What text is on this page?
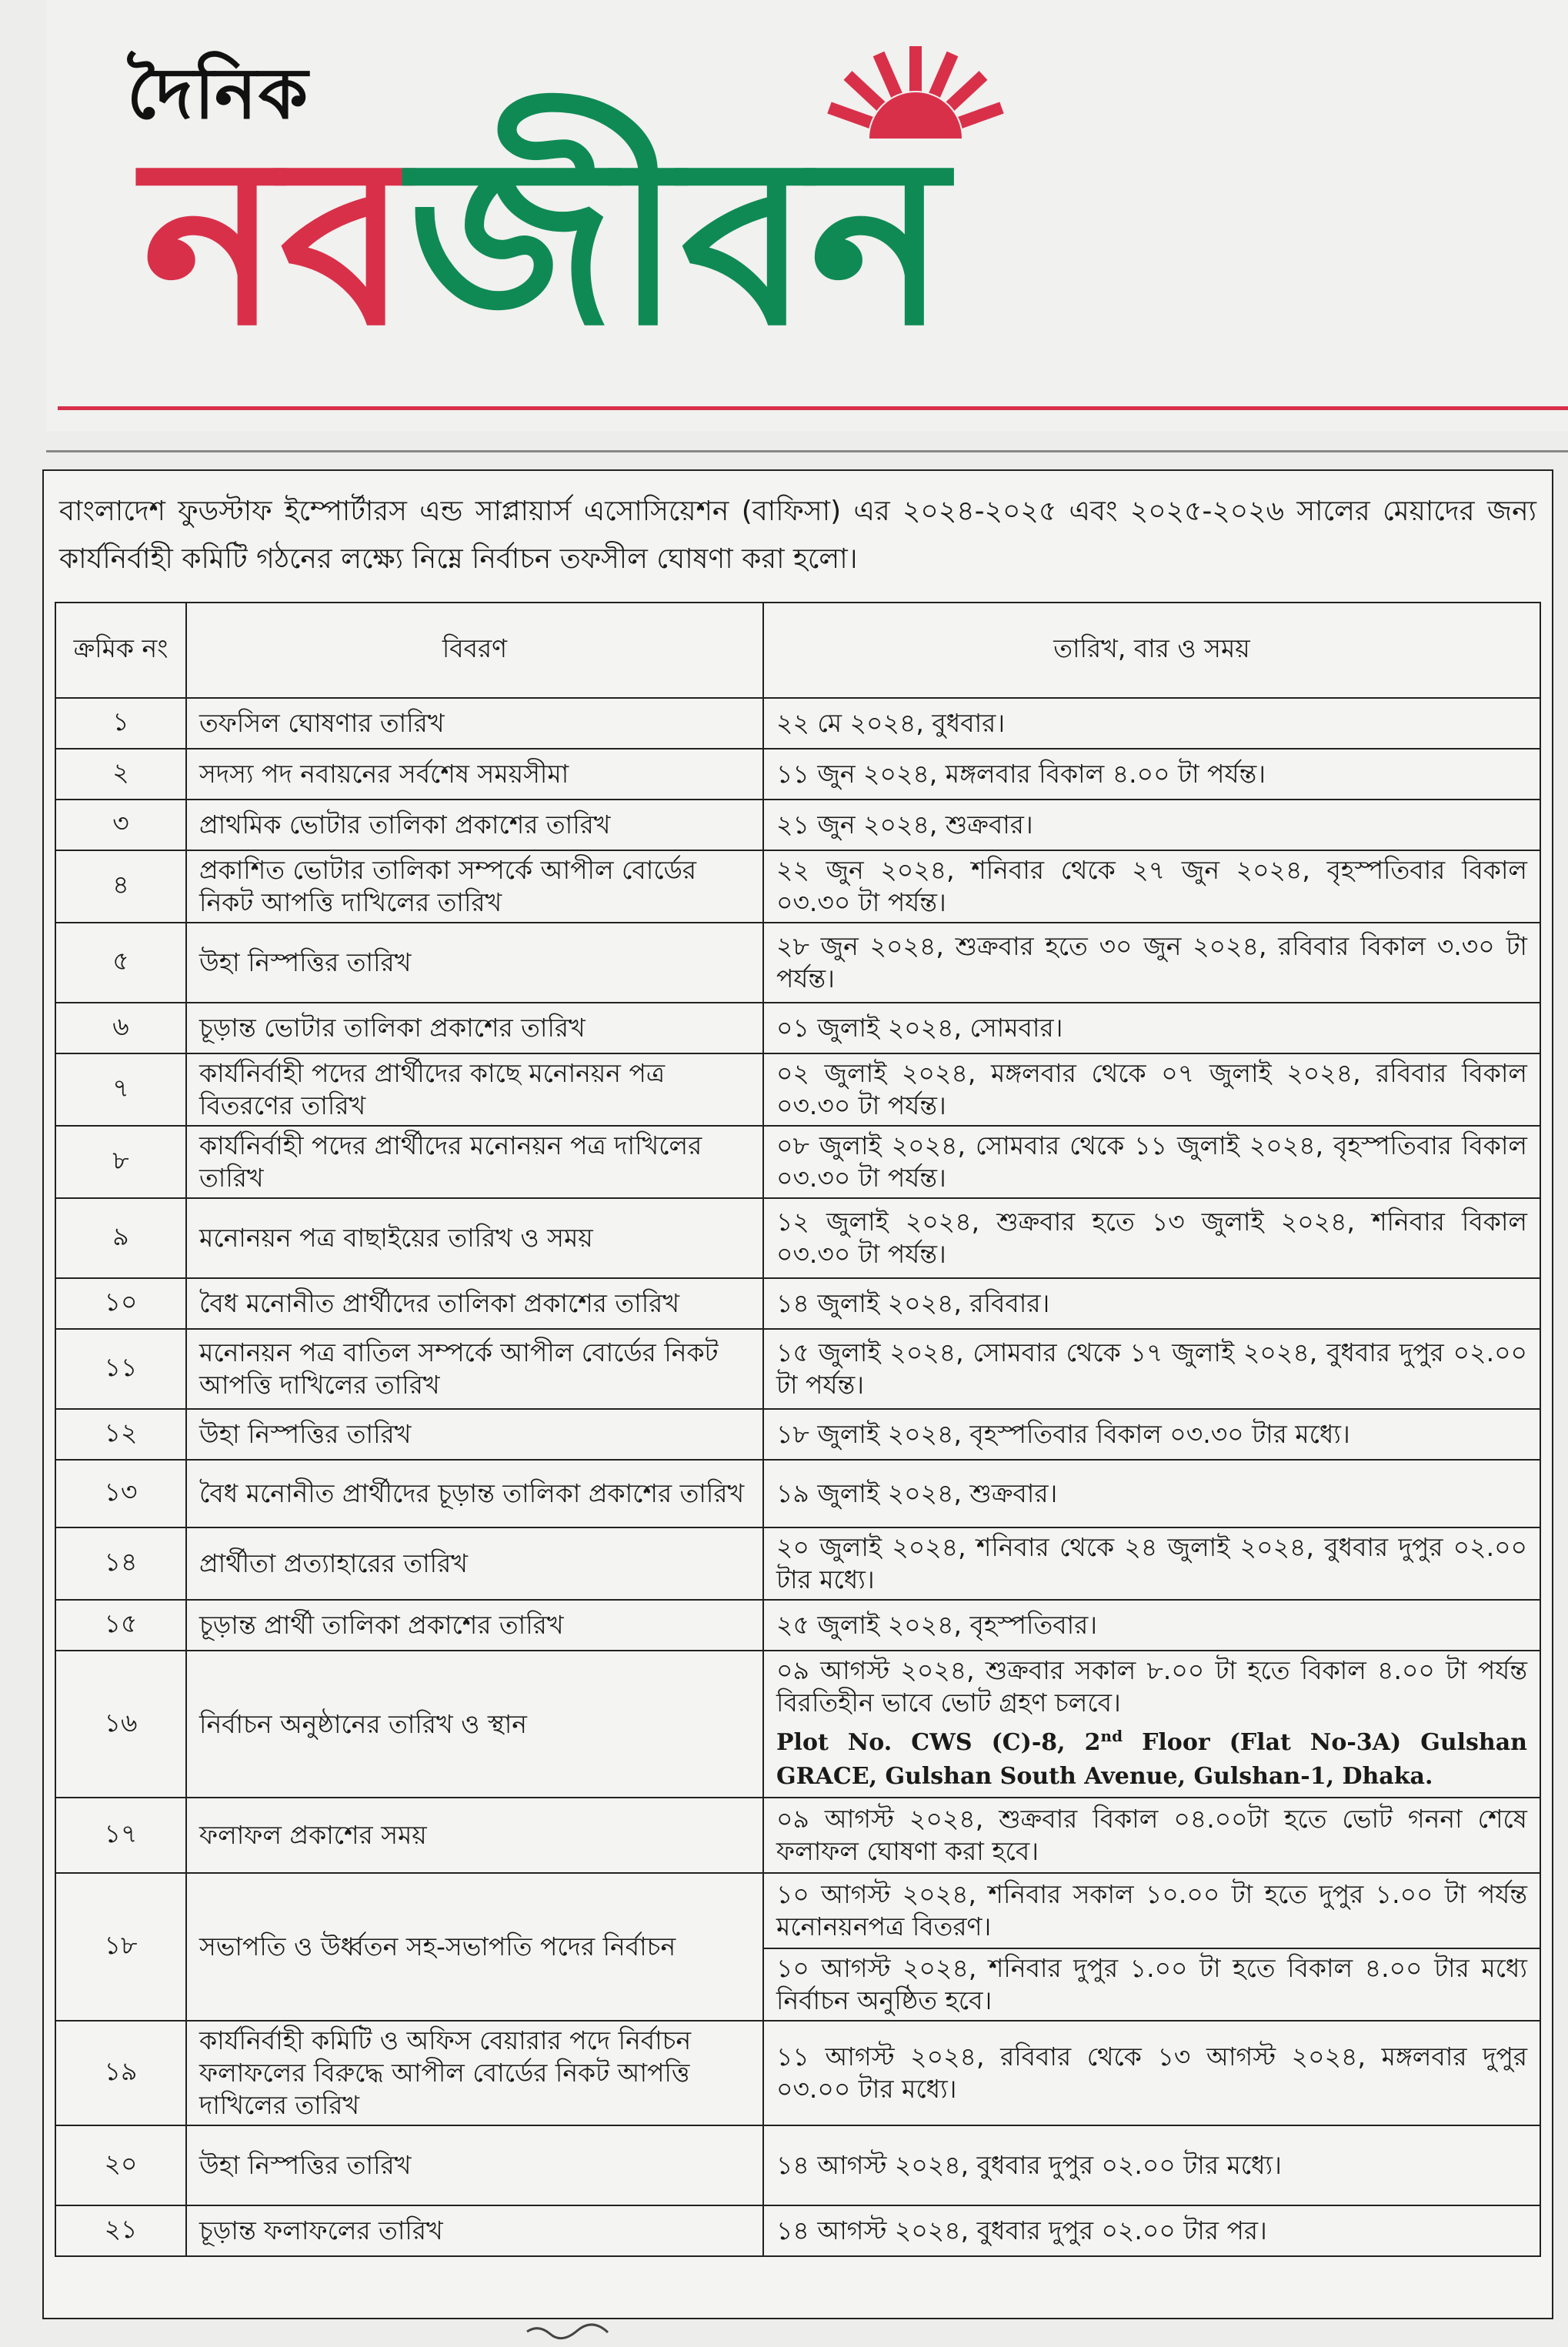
দৈনিক
নবজীবন
বাংলাদেশ ফুডস্টাফ ইম্পোর্টারস এন্ড সাপ্লায়ার্স এসোসিয়েশন (বাফিসা) এর ২০২৪-২০২৫ এবং ২০২৫-২০২৬ সালের মেয়াদের জন্য কার্যনির্বাহী কমিটি গঠনের লক্ষ্যে নিম্নে নির্বাচন তফসীল ঘোষণা করা হলো।
ক্রমিক নং	বিবরণ	তারিখ, বার ও সময়
১	তফসিল ঘোষণার তারিখ	২২ মে ২০২৪, বুধবার।

২	সদস্য পদ নবায়নের সর্বশেষ সময়সীমা	১১ জুন ২০২৪, মঙ্গলবার বিকাল ৪.০০ টা পর্যন্ত।

৩	প্রাথমিক ভোটার তালিকা প্রকাশের তারিখ	২১ জুন ২০২৪, শুক্রবার।

৪	প্রকাশিত ভোটার তালিকা সম্পর্কে আপীল বোর্ডের নিকট আপত্তি দাখিলের তারিখ	২২ জুন ২০২৪, শনিবার থেকে ২৭ জুন ২০২৪, বৃহস্পতিবার বিকাল ০৩.৩০ টা পর্যন্ত।

৫	উহা নিস্পত্তির তারিখ	২৮ জুন ২০২৪, শুক্রবার হতে ৩০ জুন ২০২৪, রবিবার বিকাল ৩.৩০ টা পর্যন্ত।

৬	চূড়ান্ত ভোটার তালিকা প্রকাশের তারিখ	০১ জুলাই ২০২৪, সোমবার।

৭	কার্যনির্বাহী পদের প্রার্থীদের কাছে মনোনয়ন পত্র বিতরণের তারিখ	০২ জুলাই ২০২৪, মঙ্গলবার থেকে ০৭ জুলাই ২০২৪, রবিবার বিকাল ০৩.৩০ টা পর্যন্ত।

৮	কার্যনির্বাহী পদের প্রার্থীদের মনোনয়ন পত্র দাখিলের তারিখ	০৮ জুলাই ২০২৪, সোমবার থেকে ১১ জুলাই ২০২৪, বৃহস্পতিবার বিকাল ০৩.৩০ টা পর্যন্ত।

৯	মনোনয়ন পত্র বাছাইয়ের তারিখ ও সময়	১২ জুলাই ২০২৪, শুক্রবার হতে ১৩ জুলাই ২০২৪, শনিবার বিকাল ০৩.৩০ টা পর্যন্ত।

১০	বৈধ মনোনীত প্রার্থীদের তালিকা প্রকাশের তারিখ	১৪ জুলাই ২০২৪, রবিবার।

১১	মনোনয়ন পত্র বাতিল সম্পর্কে আপীল বোর্ডের নিকট আপত্তি দাখিলের তারিখ	১৫ জুলাই ২০২৪, সোমবার থেকে ১৭ জুলাই ২০২৪, বুধবার দুপুর ০২.০০ টা পর্যন্ত।

১২	উহা নিস্পত্তির তারিখ	১৮ জুলাই ২০২৪, বৃহস্পতিবার বিকাল ০৩.৩০ টার মধ্যে।

১৩	বৈধ মনোনীত প্রার্থীদের চূড়ান্ত তালিকা প্রকাশের তারিখ	১৯ জুলাই ২০২৪, শুক্রবার।

১৪	প্রার্থীতা প্রত্যাহারের তারিখ	২০ জুলাই ২০২৪, শনিবার থেকে ২৪ জুলাই ২০২৪, বুধবার দুপুর ০২.০০ টার মধ্যে।

১৫	চূড়ান্ত প্রার্থী তালিকা প্রকাশের তারিখ	২৫ জুলাই ২০২৪, বৃহস্পতিবার।

১৬	নির্বাচন অনুষ্ঠানের তারিখ ও স্থান	০৯ আগস্ট ২০২৪, শুক্রবার সকাল ৮.০০ টা হতে বিকাল ৪.০০ টা পর্যন্ত বিরতিহীন ভাবে ভোট গ্রহণ চলবে।
Plot No. CWS (C)-8, 2nd Floor (Flat No-3A) Gulshan GRACE, Gulshan South Avenue, Gulshan-1, Dhaka.

১৭	ফলাফল প্রকাশের সময়	০৯ আগস্ট ২০২৪, শুক্রবার বিকাল ০৪.০০টা হতে ভোট গননা শেষে ফলাফল ঘোষণা করা হবে।

১৮	সভাপতি ও উর্ধ্বতন সহ-সভাপতি পদের নির্বাচন	১০ আগস্ট ২০২৪, শনিবার সকাল ১০.০০ টা হতে দুপুর ১.০০ টা পর্যন্ত মনোনয়নপত্র বিতরণ।

		১০ আগস্ট ২০২৪, শনিবার দুপুর ১.০০ টা হতে বিকাল ৪.০০ টার মধ্যে নির্বাচন অনুষ্ঠিত হবে।
১৯	কার্যনির্বাহী কমিটি ও অফিস বেয়ারার পদে নির্বাচন ফলাফলের বিরুদ্ধে আপীল বোর্ডের নিকট আপত্তি দাখিলের তারিখ	১১ আগস্ট ২০২৪, রবিবার থেকে ১৩ আগস্ট ২০২৪, মঙ্গলবার দুপুর ০৩.০০ টার মধ্যে।

২০	উহা নিস্পত্তির তারিখ	১৪ আগস্ট ২০২৪, বুধবার দুপুর ০২.০০ টার মধ্যে।

২১	চূড়ান্ত ফলাফলের তারিখ	১৪ আগস্ট ২০২৪, বুধবার দুপুর ০২.০০ টার পর।
